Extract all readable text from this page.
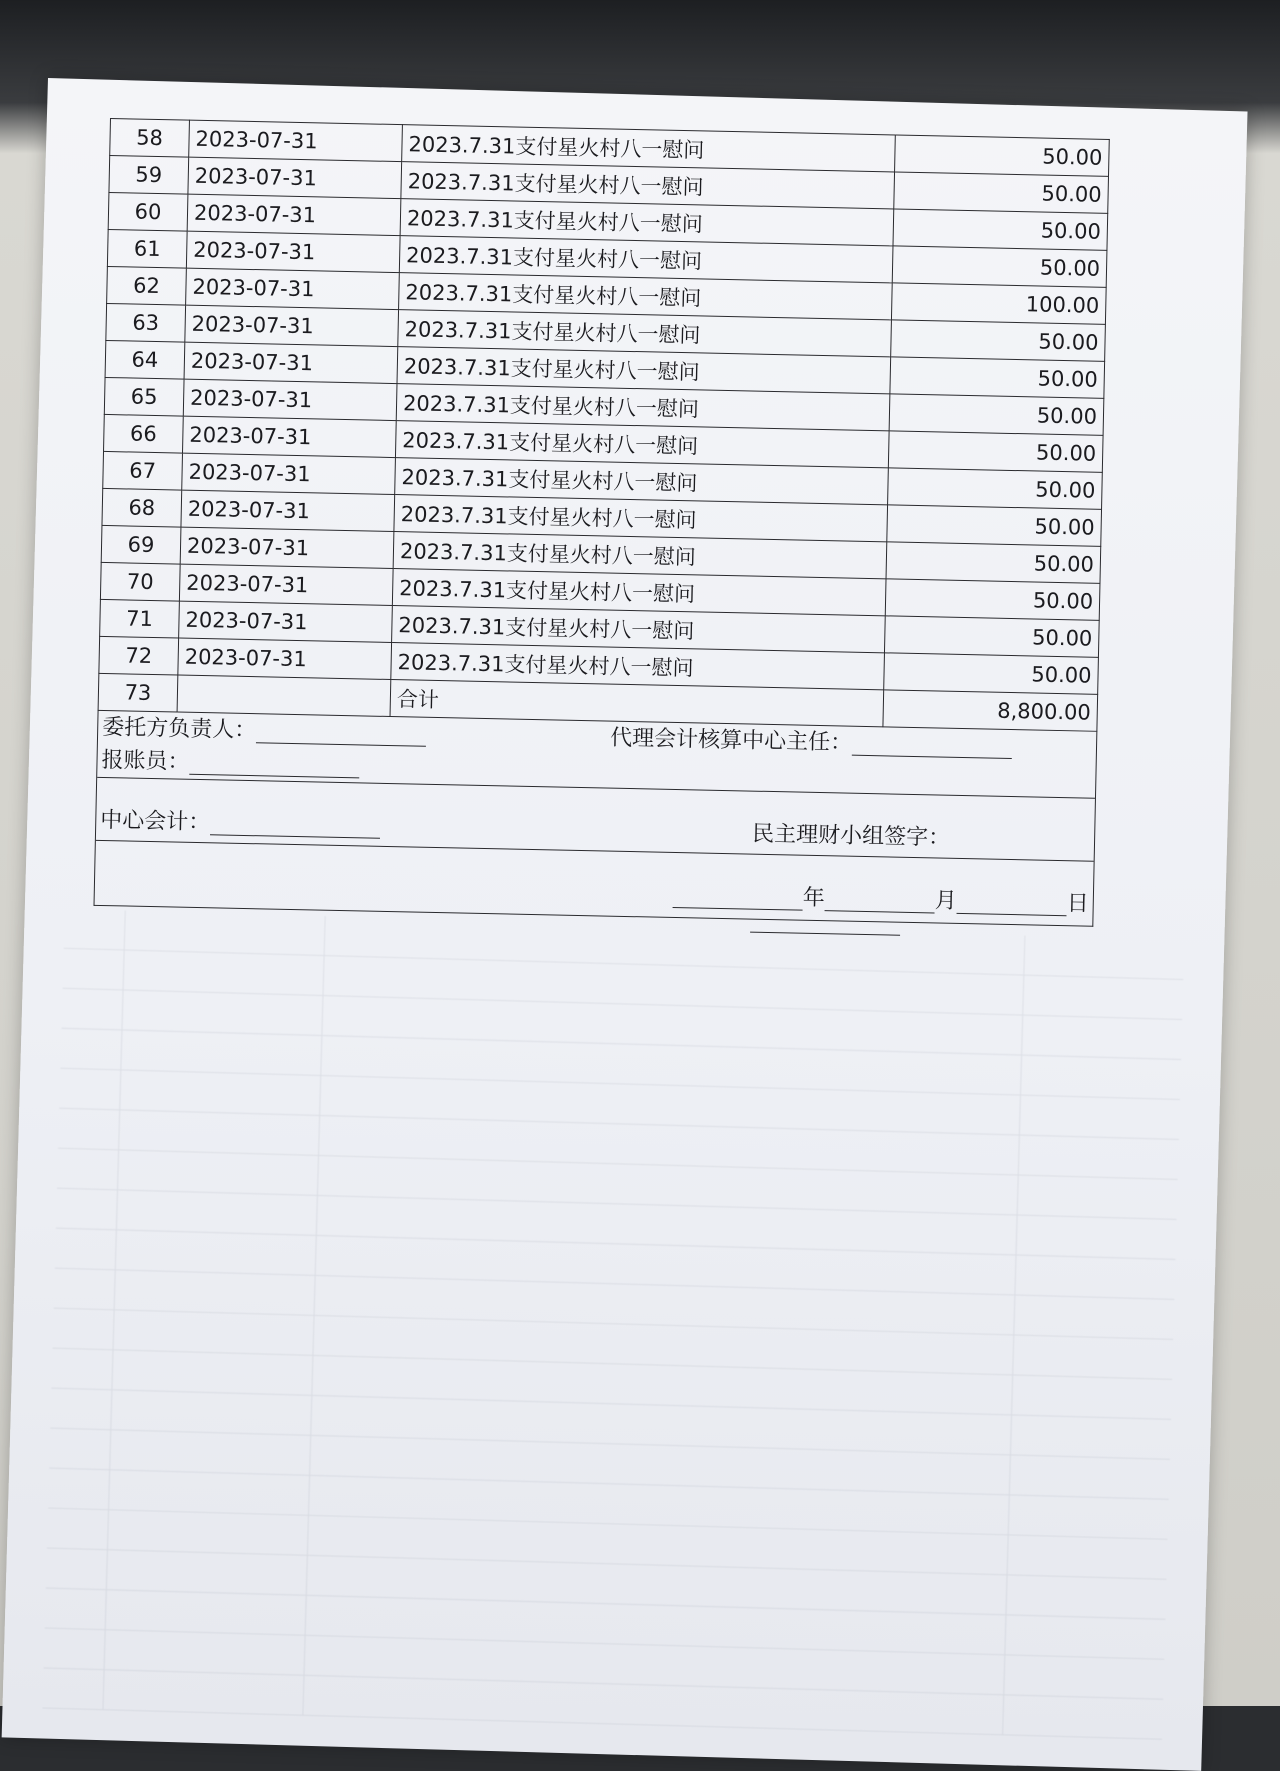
58	2023-07-31	2023.7.31支付星火村八一慰问	50.00
59	2023-07-31	2023.7.31支付星火村八一慰问	50.00
60	2023-07-31	2023.7.31支付星火村八一慰问	50.00
61	2023-07-31	2023.7.31支付星火村八一慰问	50.00
62	2023-07-31	2023.7.31支付星火村八一慰问	100.00
63	2023-07-31	2023.7.31支付星火村八一慰问	50.00
64	2023-07-31	2023.7.31支付星火村八一慰问	50.00
65	2023-07-31	2023.7.31支付星火村八一慰问	50.00
66	2023-07-31	2023.7.31支付星火村八一慰问	50.00
67	2023-07-31	2023.7.31支付星火村八一慰问	50.00
68	2023-07-31	2023.7.31支付星火村八一慰问	50.00
69	2023-07-31	2023.7.31支付星火村八一慰问	50.00
70	2023-07-31	2023.7.31支付星火村八一慰问	50.00
71	2023-07-31	2023.7.31支付星火村八一慰问	50.00
72	2023-07-31	2023.7.31支付星火村八一慰问	50.00
73		合计	8,800.00
委托方负责人：	代理会计核算中心主任：
报账员：
中心会计：
民主理财小组签字：
年	月	日
